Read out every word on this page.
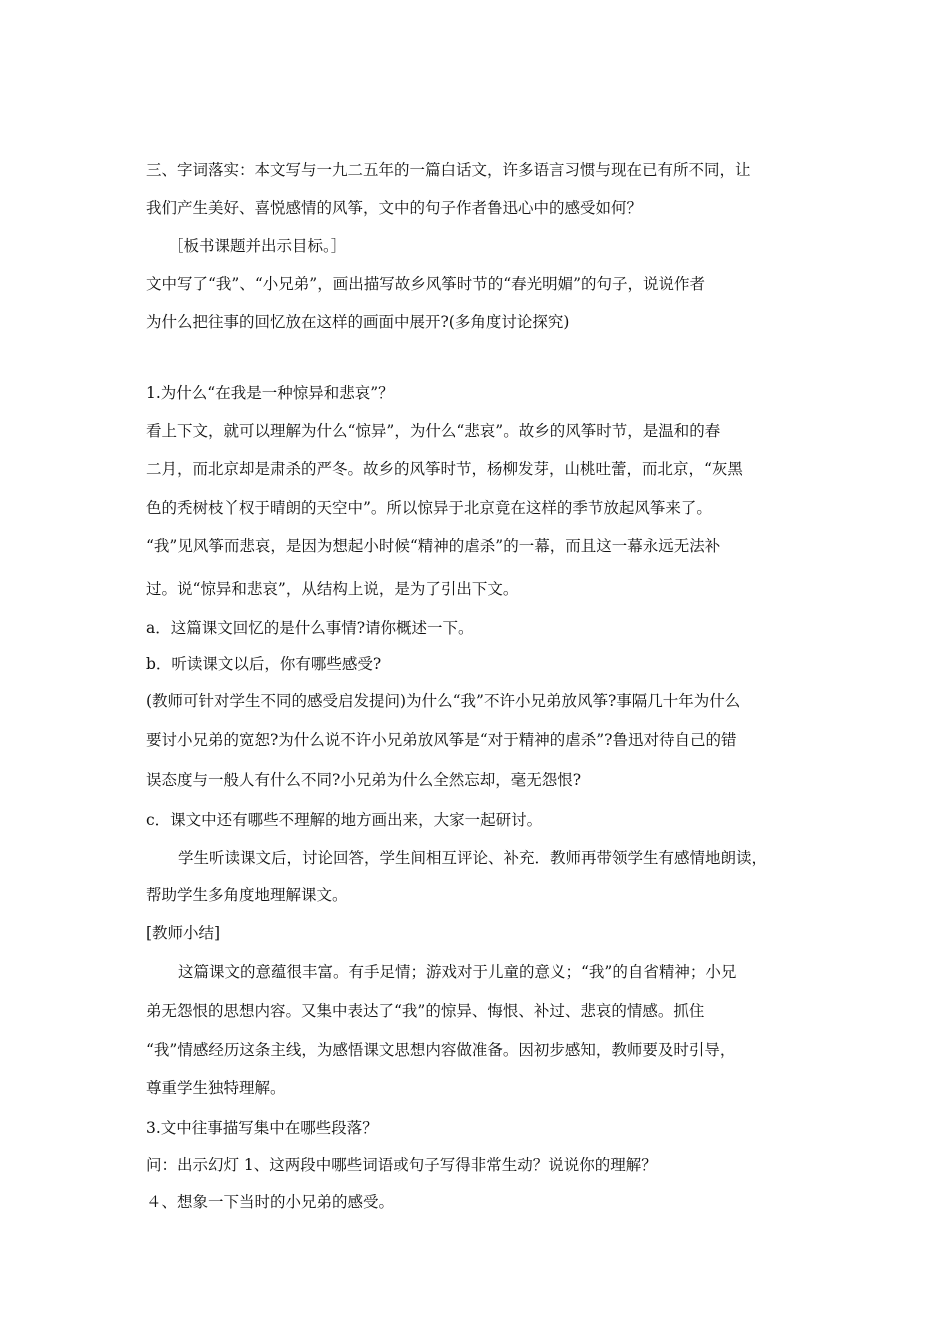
三、字词落实：本文写与一九二五年的一篇白话文，许多语言习惯与现在已有所不同，让
我们产生美好、喜悦感情的风筝，文中的句子作者鲁迅心中的感受如何？
［板书课题并出示目标。］
文中写了“我”、“小兄弟”，画出描写故乡风筝时节的“春光明媚”的句子，说说作者
为什么把往事的回忆放在这样的画面中展开?(多角度讨论探究)
1.为什么“在我是一种惊异和悲哀”？
看上下文，就可以理解为什么“惊异”，为什么“悲哀”。故乡的风筝时节，是温和的春
二月，而北京却是肃杀的严冬。故乡的风筝时节，杨柳发芽，山桃吐蕾，而北京，“灰黑
色的秃树枝丫杈于晴朗的天空中”。所以惊异于北京竟在这样的季节放起风筝来了。
“我”见风筝而悲哀，是因为想起小时候“精神的虐杀”的一幕，而且这一幕永远无法补
过。说“惊异和悲哀”，从结构上说，是为了引出下文。
a．这篇课文回忆的是什么事情?请你概述一下。
b．听读课文以后，你有哪些感受?
(教师可针对学生不同的感受启发提问)为什么“我”不许小兄弟放风筝?事隔几十年为什么
要讨小兄弟的宽恕?为什么说不许小兄弟放风筝是“对于精神的虐杀”?鲁迅对待自己的错
误态度与一般人有什么不同?小兄弟为什么全然忘却，毫无怨恨?
c．课文中还有哪些不理解的地方画出来，大家一起研讨。
学生听读课文后，讨论回答，学生间相互评论、补充．教师再带领学生有感情地朗读，
帮助学生多角度地理解课文。
[教师小结]
这篇课文的意蕴很丰富。有手足情；游戏对于儿童的意义；“我”的自省精神；小兄
弟无怨恨的思想内容。又集中表达了“我”的惊异、悔恨、补过、悲哀的情感。抓住
“我”情感经历这条主线，为感悟课文思想内容做准备。因初步感知，教师要及时引导，
尊重学生独特理解。
3.文中往事描写集中在哪些段落？
问：出示幻灯 1、这两段中哪些词语或句子写得非常生动？说说你的理解？
４、想象一下当时的小兄弟的感受。
